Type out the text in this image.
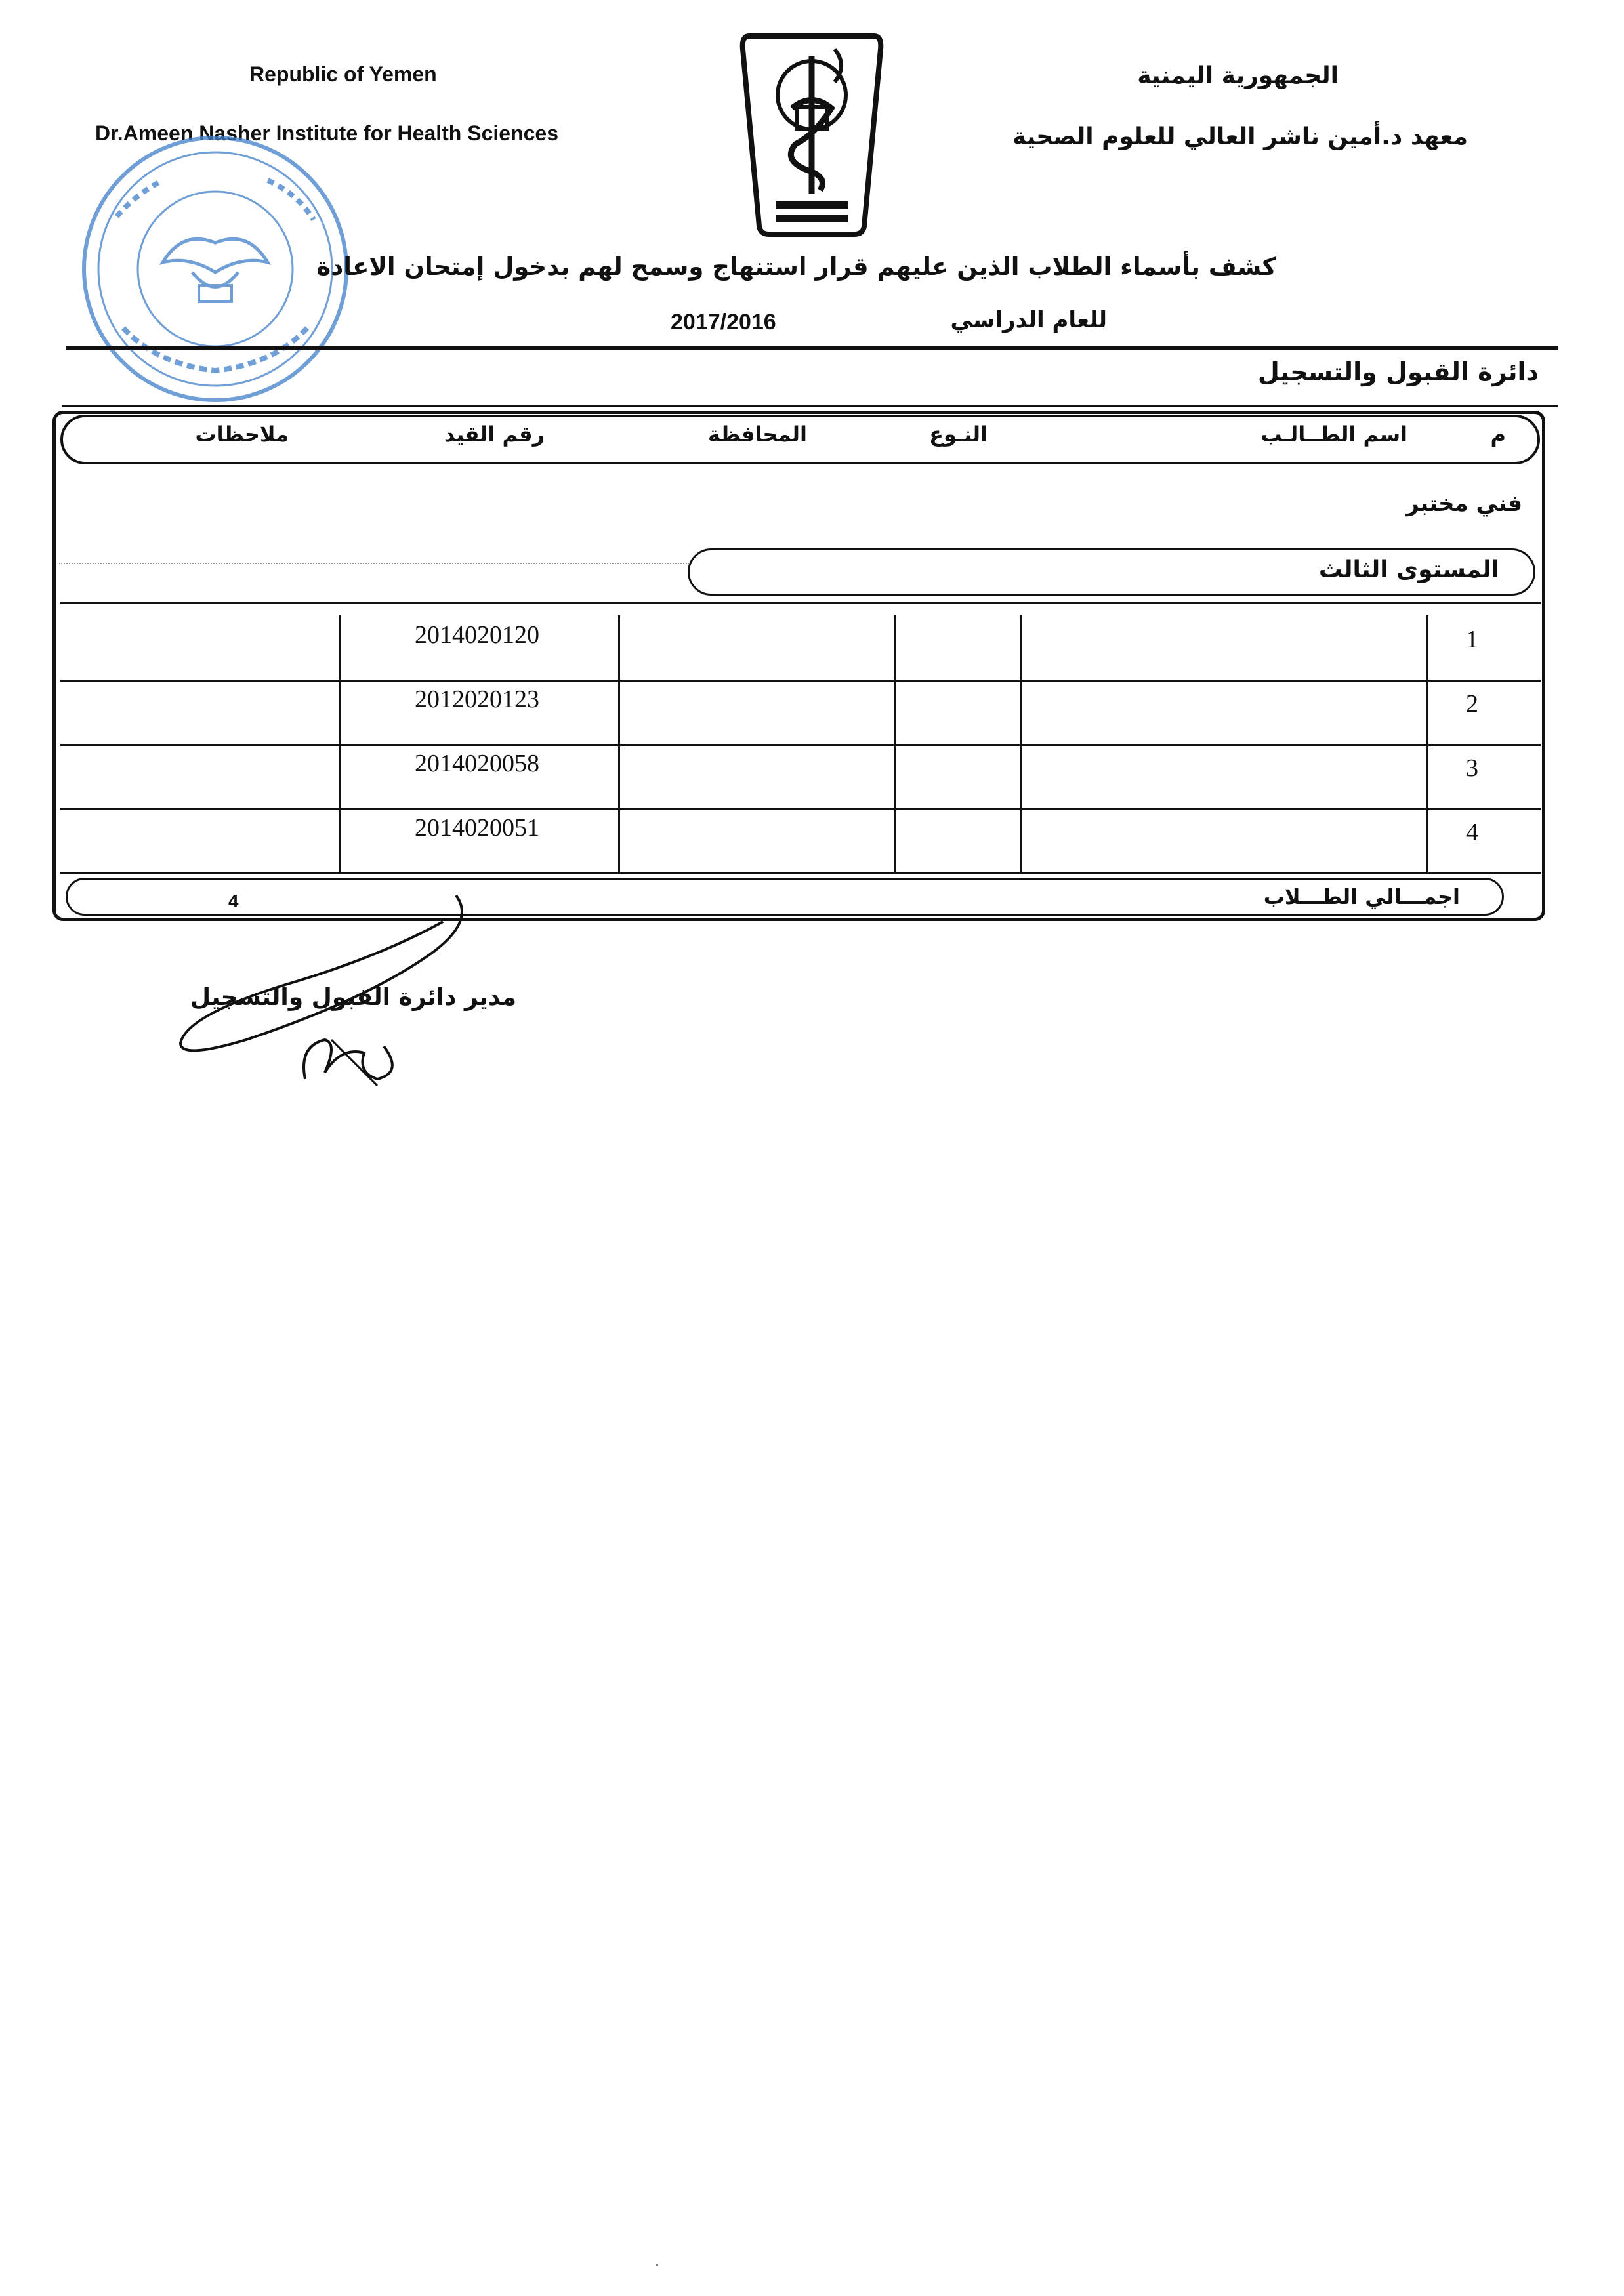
Republic of Yemen
Dr.Ameen Nasher Institute for Health Sciences
الجمهورية اليمنية
معهد د.أمين ناشر العالي للعلوم الصحية
كشف بأسماء الطلاب الذين عليهم قرار استنهاج وسمح لهم بدخول إمتحان الاعادة
للعام الدراسي
2017/2016
دائرة القبول والتسجيل
م
اسم الطــالـب
النـوع
المحافظة
رقم القيد
ملاحظات
فني مختبر
المستوى الثالث
1
2014020120
2
2012020123
3
2014020058
4
2014020051
اجمـــالي الطـــلاب
4
مدير دائرة القبول والتسجيل
